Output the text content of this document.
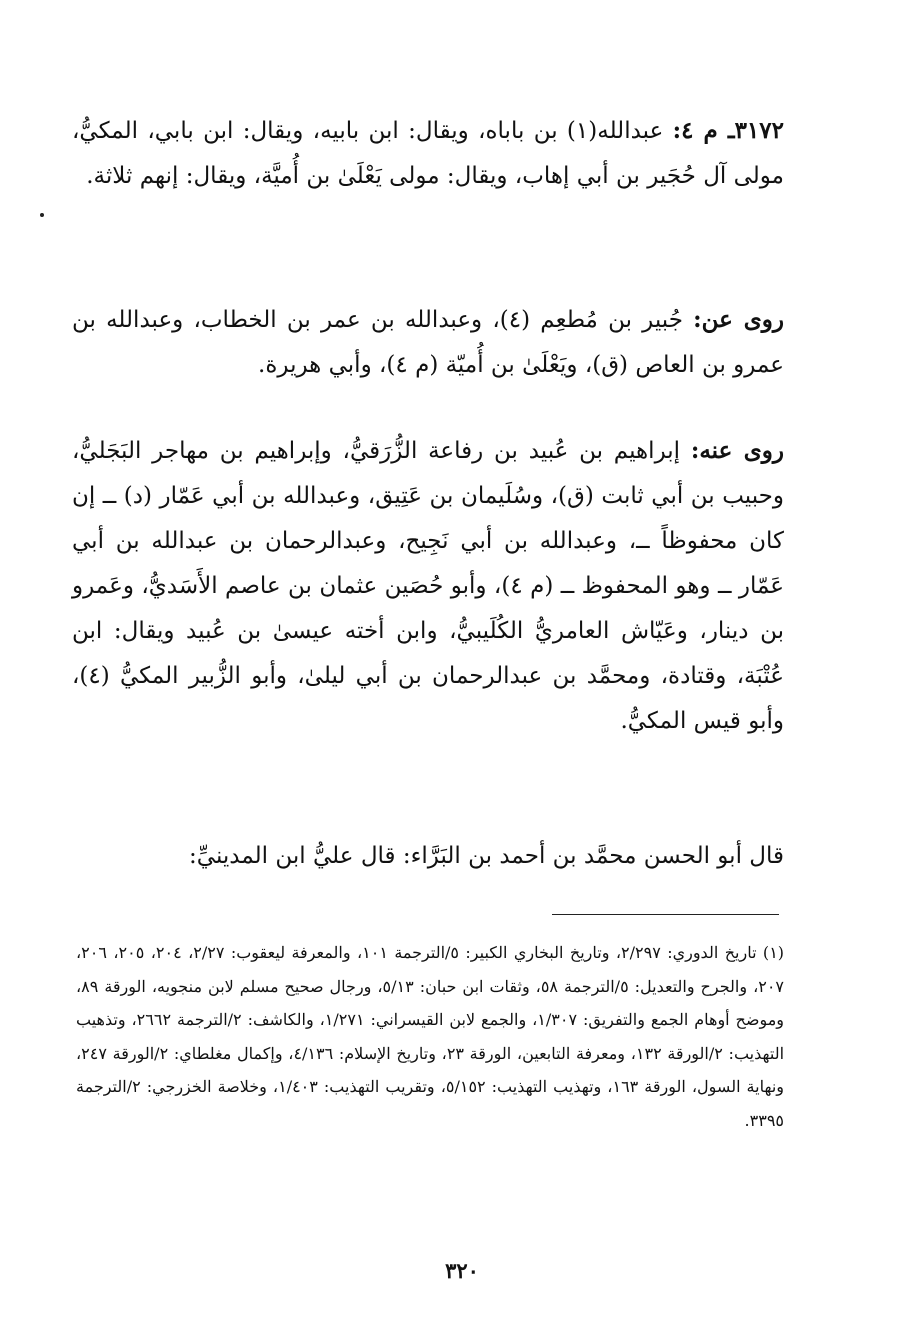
٣١٧٢ـ م ٤: عبدالله(١) بن باباه، ويقال: ابن بابيه، ويقال: ابن بابي، المكيُّ، مولى آل حُجَير بن أبي إهاب، ويقال: مولى يَعْلَىٰ بن أُميَّة، ويقال: إنهم ثلاثة.

روى عن: جُبير بن مُطعِم (٤)، وعبدالله بن عمر بن الخطاب، وعبدالله بن عمرو بن العاص (ق)، ويَعْلَىٰ بن أُميّة (م ٤)، وأبي هريرة.

روى عنه: إبراهيم بن عُبيد بن رفاعة الزُّرَقيُّ، وإبراهيم بن مهاجر البَجَليُّ، وحبيب بن أبي ثابت (ق)، وسُلَيمان بن عَتِيق، وعبدالله بن أبي عَمّار (د) ــ إن كان محفوظاً ــ، وعبدالله بن أبي نَجِيح، وعبدالرحمان بن عبدالله بن أبي عَمّار ــ وهو المحفوظ ــ (م ٤)، وأبو حُصَين عثمان بن عاصم الأَسَديُّ، وعَمرو بن دينار، وعَيّاش العامريُّ الكُلَيبيُّ، وابن أخته عيسىٰ بن عُبيد ويقال: ابن عُتْبَة، وقتادة، ومحمَّد بن عبدالرحمان بن أبي ليلىٰ، وأبو الزُّبير المكيُّ (٤)، وأبو قيس المكيُّ.

قال أبو الحسن محمَّد بن أحمد بن البَرَّاء: قال عليُّ ابن المدينيِّ:

(١) تاريخ الدوري: ٢/٢٩٧، وتاريخ البخاري الكبير: ٥/الترجمة ١٠١، والمعرفة ليعقوب: ٢/٢٧، ٢٠٤، ٢٠٥، ٢٠٦، ٢٠٧، والجرح والتعديل: ٥/الترجمة ٥٨، وثقات ابن حبان: ٥/١٣، ورجال صحيح مسلم لابن منجويه، الورقة ٨٩، وموضح أوهام الجمع والتفريق: ١/٣٠٧، والجمع لابن القيسراني: ١/٢٧١، والكاشف: ٢/الترجمة ٢٦٦٢، وتذهيب التهذيب: ٢/الورقة ١٣٢، ومعرفة التابعين، الورقة ٢٣، وتاريخ الإسلام: ٤/١٣٦، وإكمال مغلطاي: ٢/الورقة ٢٤٧، ونهاية السول، الورقة ١٦٣، وتهذيب التهذيب: ٥/١٥٢، وتقريب التهذيب: ١/٤٠٣، وخلاصة الخزرجي: ٢/الترجمة ٣٣٩٥.

٣٢٠
